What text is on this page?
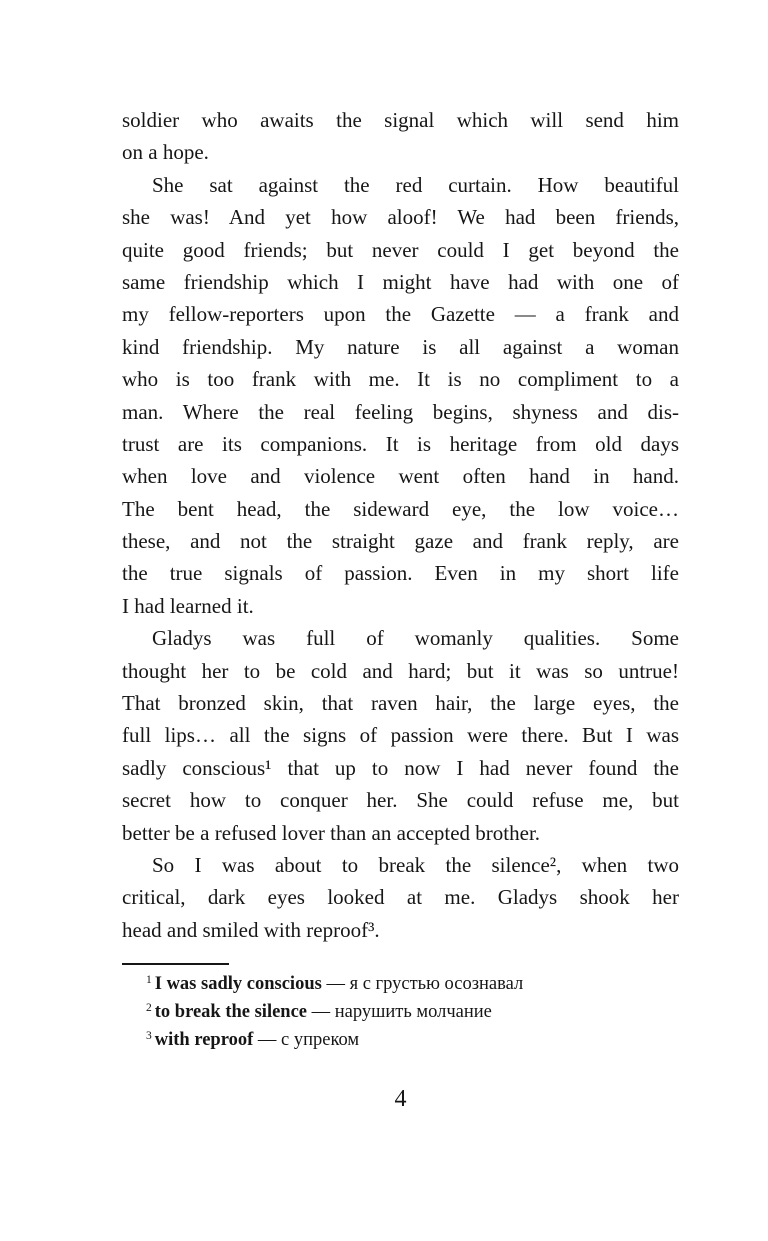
soldier who awaits the signal which will send him
on a hope.
She sat against the red curtain. How beautiful
she was! And yet how aloof! We had been friends,
quite good friends; but never could I get beyond the
same friendship which I might have had with one of
my fellow-reporters upon the Gazette — a frank and
kind friendship. My nature is all against a woman
who is too frank with me. It is no compliment to a
man. Where the real feeling begins, shyness and dis-
trust are its companions. It is heritage from old days
when love and violence went often hand in hand.
The bent head, the sideward eye, the low voice…
these, and not the straight gaze and frank reply, are
the true signals of passion. Even in my short life
I had learned it.
Gladys was full of womanly qualities. Some
thought her to be cold and hard; but it was so untrue!
That bronzed skin, that raven hair, the large eyes, the
full lips… all the signs of passion were there. But I was
sadly conscious¹ that up to now I had never found the
secret how to conquer her. She could refuse me, but
better be a refused lover than an accepted brother.
So I was about to break the silence², when two
critical, dark eyes looked at me. Gladys shook her
head and smiled with reproof³.
$^1$ I was sadly conscious — я с грустью осознавал
$^2$ to break the silence — нарушить молчание
$^3$ with reproof — с упреком
4
